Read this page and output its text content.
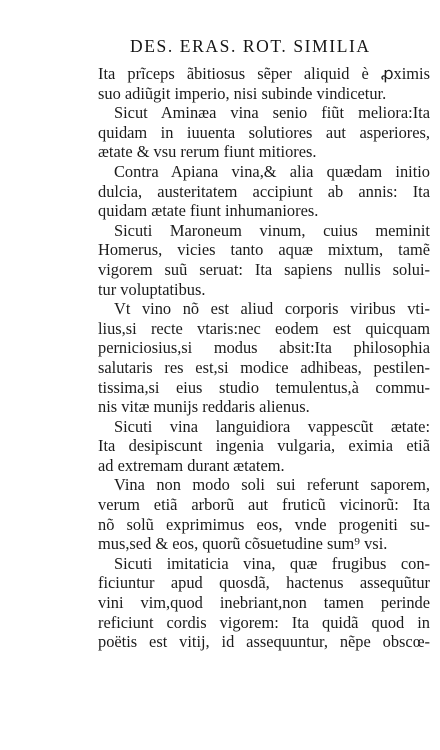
DES. ERAS. ROT. SIMILIA
Ita prĩceps ãbitiosus sẽper aliquid è ꝓximis
suo adiũgit imperio, nisi subinde vindicetur.
Sicut Aminæa vina senio fiũt meliora:Ita
quidam in iuuenta solutiores aut asperiores,
ætate & vsu rerum fiunt mitiores.
Contra Apiana vina,& alia quædam initio
dulcia, austeritatem accipiunt ab annis: Ita
quidam ætate fiunt inhumaniores.
Sicuti Maroneum vinum, cuius meminit
Homerus, vicies tanto aquæ mixtum, tamẽ
vigorem suũ seruat: Ita sapiens nullis solui-
tur voluptatibus.
Vt vino nõ est aliud corporis viribus vti-
lius,si recte vtaris:nec eodem est quicquam
perniciosius,si modus absit:Ita philosophia
salutaris res est,si modice adhibeas, pestilen-
tissima,si eius studio temulentus,à commu-
nis vitæ munijs reddaris alienus.
Sicuti vina languidiora vappescũt ætate:
Ita desipiscunt ingenia vulgaria, eximia etiã
ad extremam durant ætatem.
Vina non modo soli sui referunt saporem,
verum etiã arborũ aut fruticũ vicinorũ: Ita
nõ solũ exprimimus eos, vnde progeniti su-
mus,sed & eos, quorũ cõsuetudine sum⁹ vsi.
Sicuti imitaticia vina, quæ frugibus con-
ficiuntur apud quosdã, hactenus assequũtur
vini vim,quod inebriant,non tamen perinde
reficiunt cordis vigorem: Ita quidã quod in
poëtis est vitij, id assequuntur, nẽpe obscœ-
